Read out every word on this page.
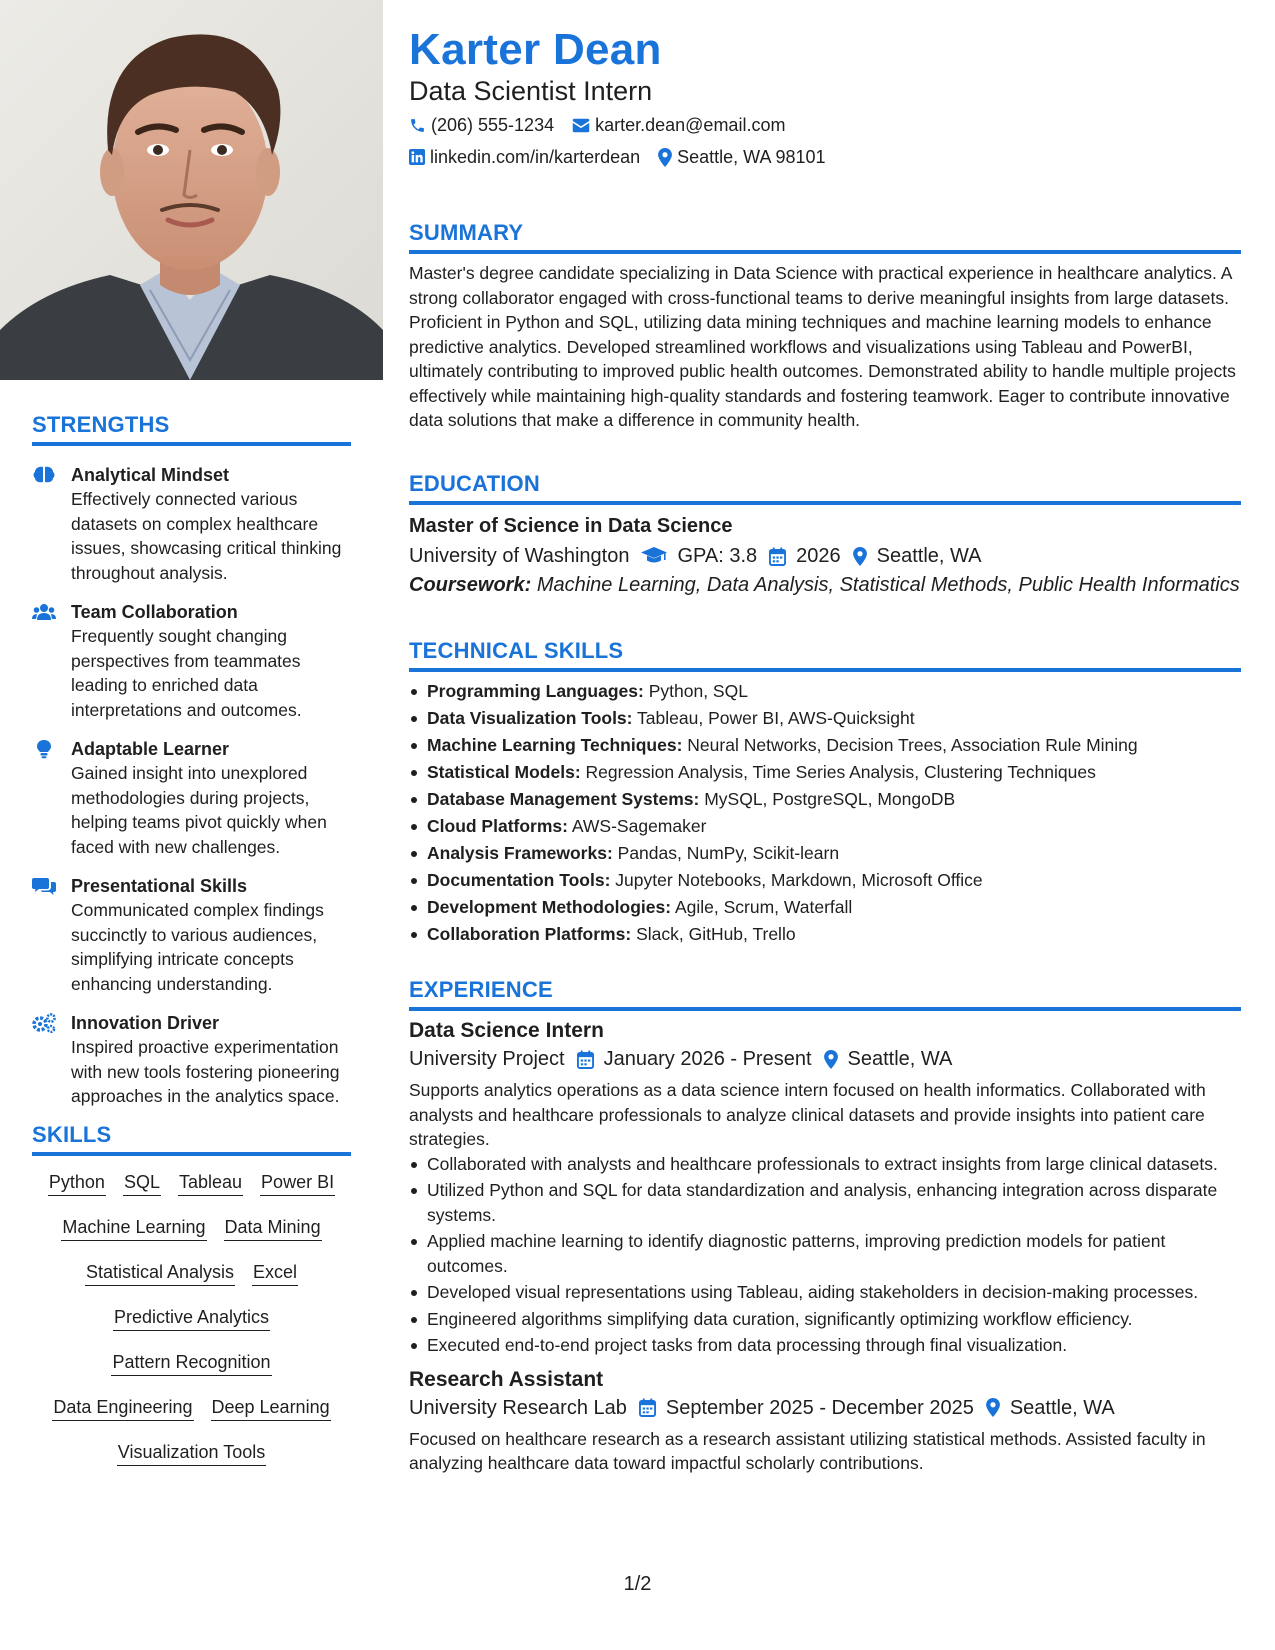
STRENGTHS
Analytical Mindset
Effectively connected various datasets on complex healthcare issues, showcasing critical thinking throughout analysis.
Team Collaboration
Frequently sought changing perspectives from teammates leading to enriched data interpretations and outcomes.
Adaptable Learner
Gained insight into unexplored methodologies during projects, helping teams pivot quickly when faced with new challenges.
Presentational Skills
Communicated complex findings succinctly to various audiences, simplifying intricate concepts enhancing understanding.
Innovation Driver
Inspired proactive experimentation with new tools fostering pioneering approaches in the analytics space.
SKILLS
Python SQL Tableau Power BI
Machine Learning Data Mining
Statistical Analysis Excel
Predictive Analytics
Pattern Recognition
Data Engineering Deep Learning
Visualization Tools
Karter Dean
Data Scientist Intern
(206) 555-1234 karter.dean@email.com
linkedin.com/in/karterdean Seattle, WA 98101
SUMMARY
Master's degree candidate specializing in Data Science with practical experience in healthcare analytics. A strong collaborator engaged with cross-functional teams to derive meaningful insights from large datasets. Proficient in Python and SQL, utilizing data mining techniques and machine learning models to enhance predictive analytics. Developed streamlined workflows and visualizations using Tableau and PowerBI, ultimately contributing to improved public health outcomes. Demonstrated ability to handle multiple projects effectively while maintaining high-quality standards and fostering teamwork. Eager to contribute innovative data solutions that make a difference in community health.
EDUCATION
Master of Science in Data Science
University of Washington GPA: 3.8 2026 Seattle, WA
Coursework: Machine Learning, Data Analysis, Statistical Methods, Public Health Informatics
TECHNICAL SKILLS
Programming Languages: Python, SQL
Data Visualization Tools: Tableau, Power BI, AWS-Quicksight
Machine Learning Techniques: Neural Networks, Decision Trees, Association Rule Mining
Statistical Models: Regression Analysis, Time Series Analysis, Clustering Techniques
Database Management Systems: MySQL, PostgreSQL, MongoDB
Cloud Platforms: AWS-Sagemaker
Analysis Frameworks: Pandas, NumPy, Scikit-learn
Documentation Tools: Jupyter Notebooks, Markdown, Microsoft Office
Development Methodologies: Agile, Scrum, Waterfall
Collaboration Platforms: Slack, GitHub, Trello
EXPERIENCE
Data Science Intern
University Project January 2026 - Present Seattle, WA
Supports analytics operations as a data science intern focused on health informatics. Collaborated with analysts and healthcare professionals to analyze clinical datasets and provide insights into patient care strategies.
Collaborated with analysts and healthcare professionals to extract insights from large clinical datasets.
Utilized Python and SQL for data standardization and analysis, enhancing integration across disparate systems.
Applied machine learning to identify diagnostic patterns, improving prediction models for patient outcomes.
Developed visual representations using Tableau, aiding stakeholders in decision-making processes.
Engineered algorithms simplifying data curation, significantly optimizing workflow efficiency.
Executed end-to-end project tasks from data processing through final visualization.
Research Assistant
University Research Lab September 2025 - December 2025 Seattle, WA
Focused on healthcare research as a research assistant utilizing statistical methods. Assisted faculty in analyzing healthcare data toward impactful scholarly contributions.
1/2
